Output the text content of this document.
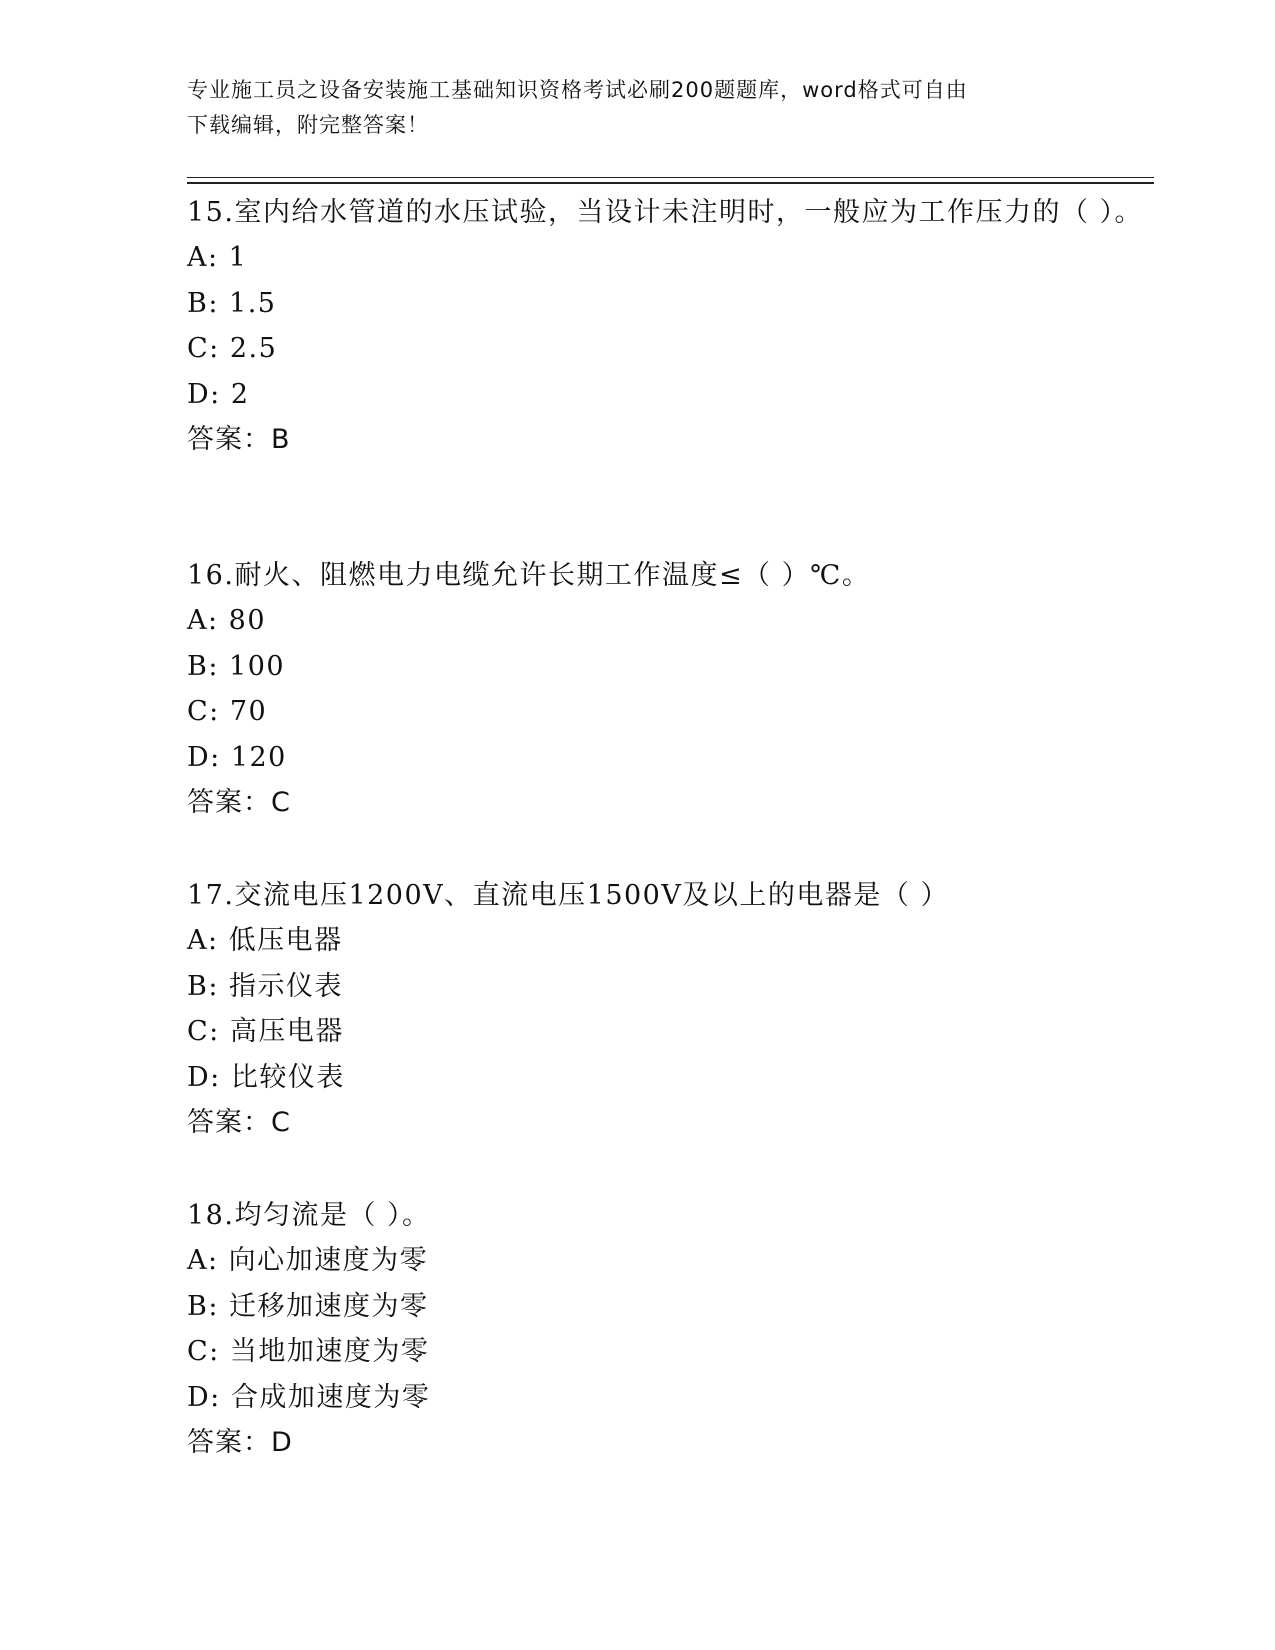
专业施工员之设备安装施工基础知识资格考试必刷200题题库，word格式可自由
下载编辑，附完整答案！

15.室内给水管道的水压试验，当设计未注明时，一般应为工作压力的（ ）。

A: 1
B: 1.5
C: 2.5
D: 2
答案：B

16.耐火、阻燃电力电缆允许长期工作温度≤（ ）℃。

A: 80
B: 100
C: 70
D: 120
答案：C

17.交流电压1200V、直流电压1500V及以上的电器是（ ）

A: 低压电器
B: 指示仪表
C: 高压电器
D: 比较仪表
答案：C

18.均匀流是（ ）。

A: 向心加速度为零
B: 迁移加速度为零
C: 当地加速度为零
D: 合成加速度为零
答案：D
